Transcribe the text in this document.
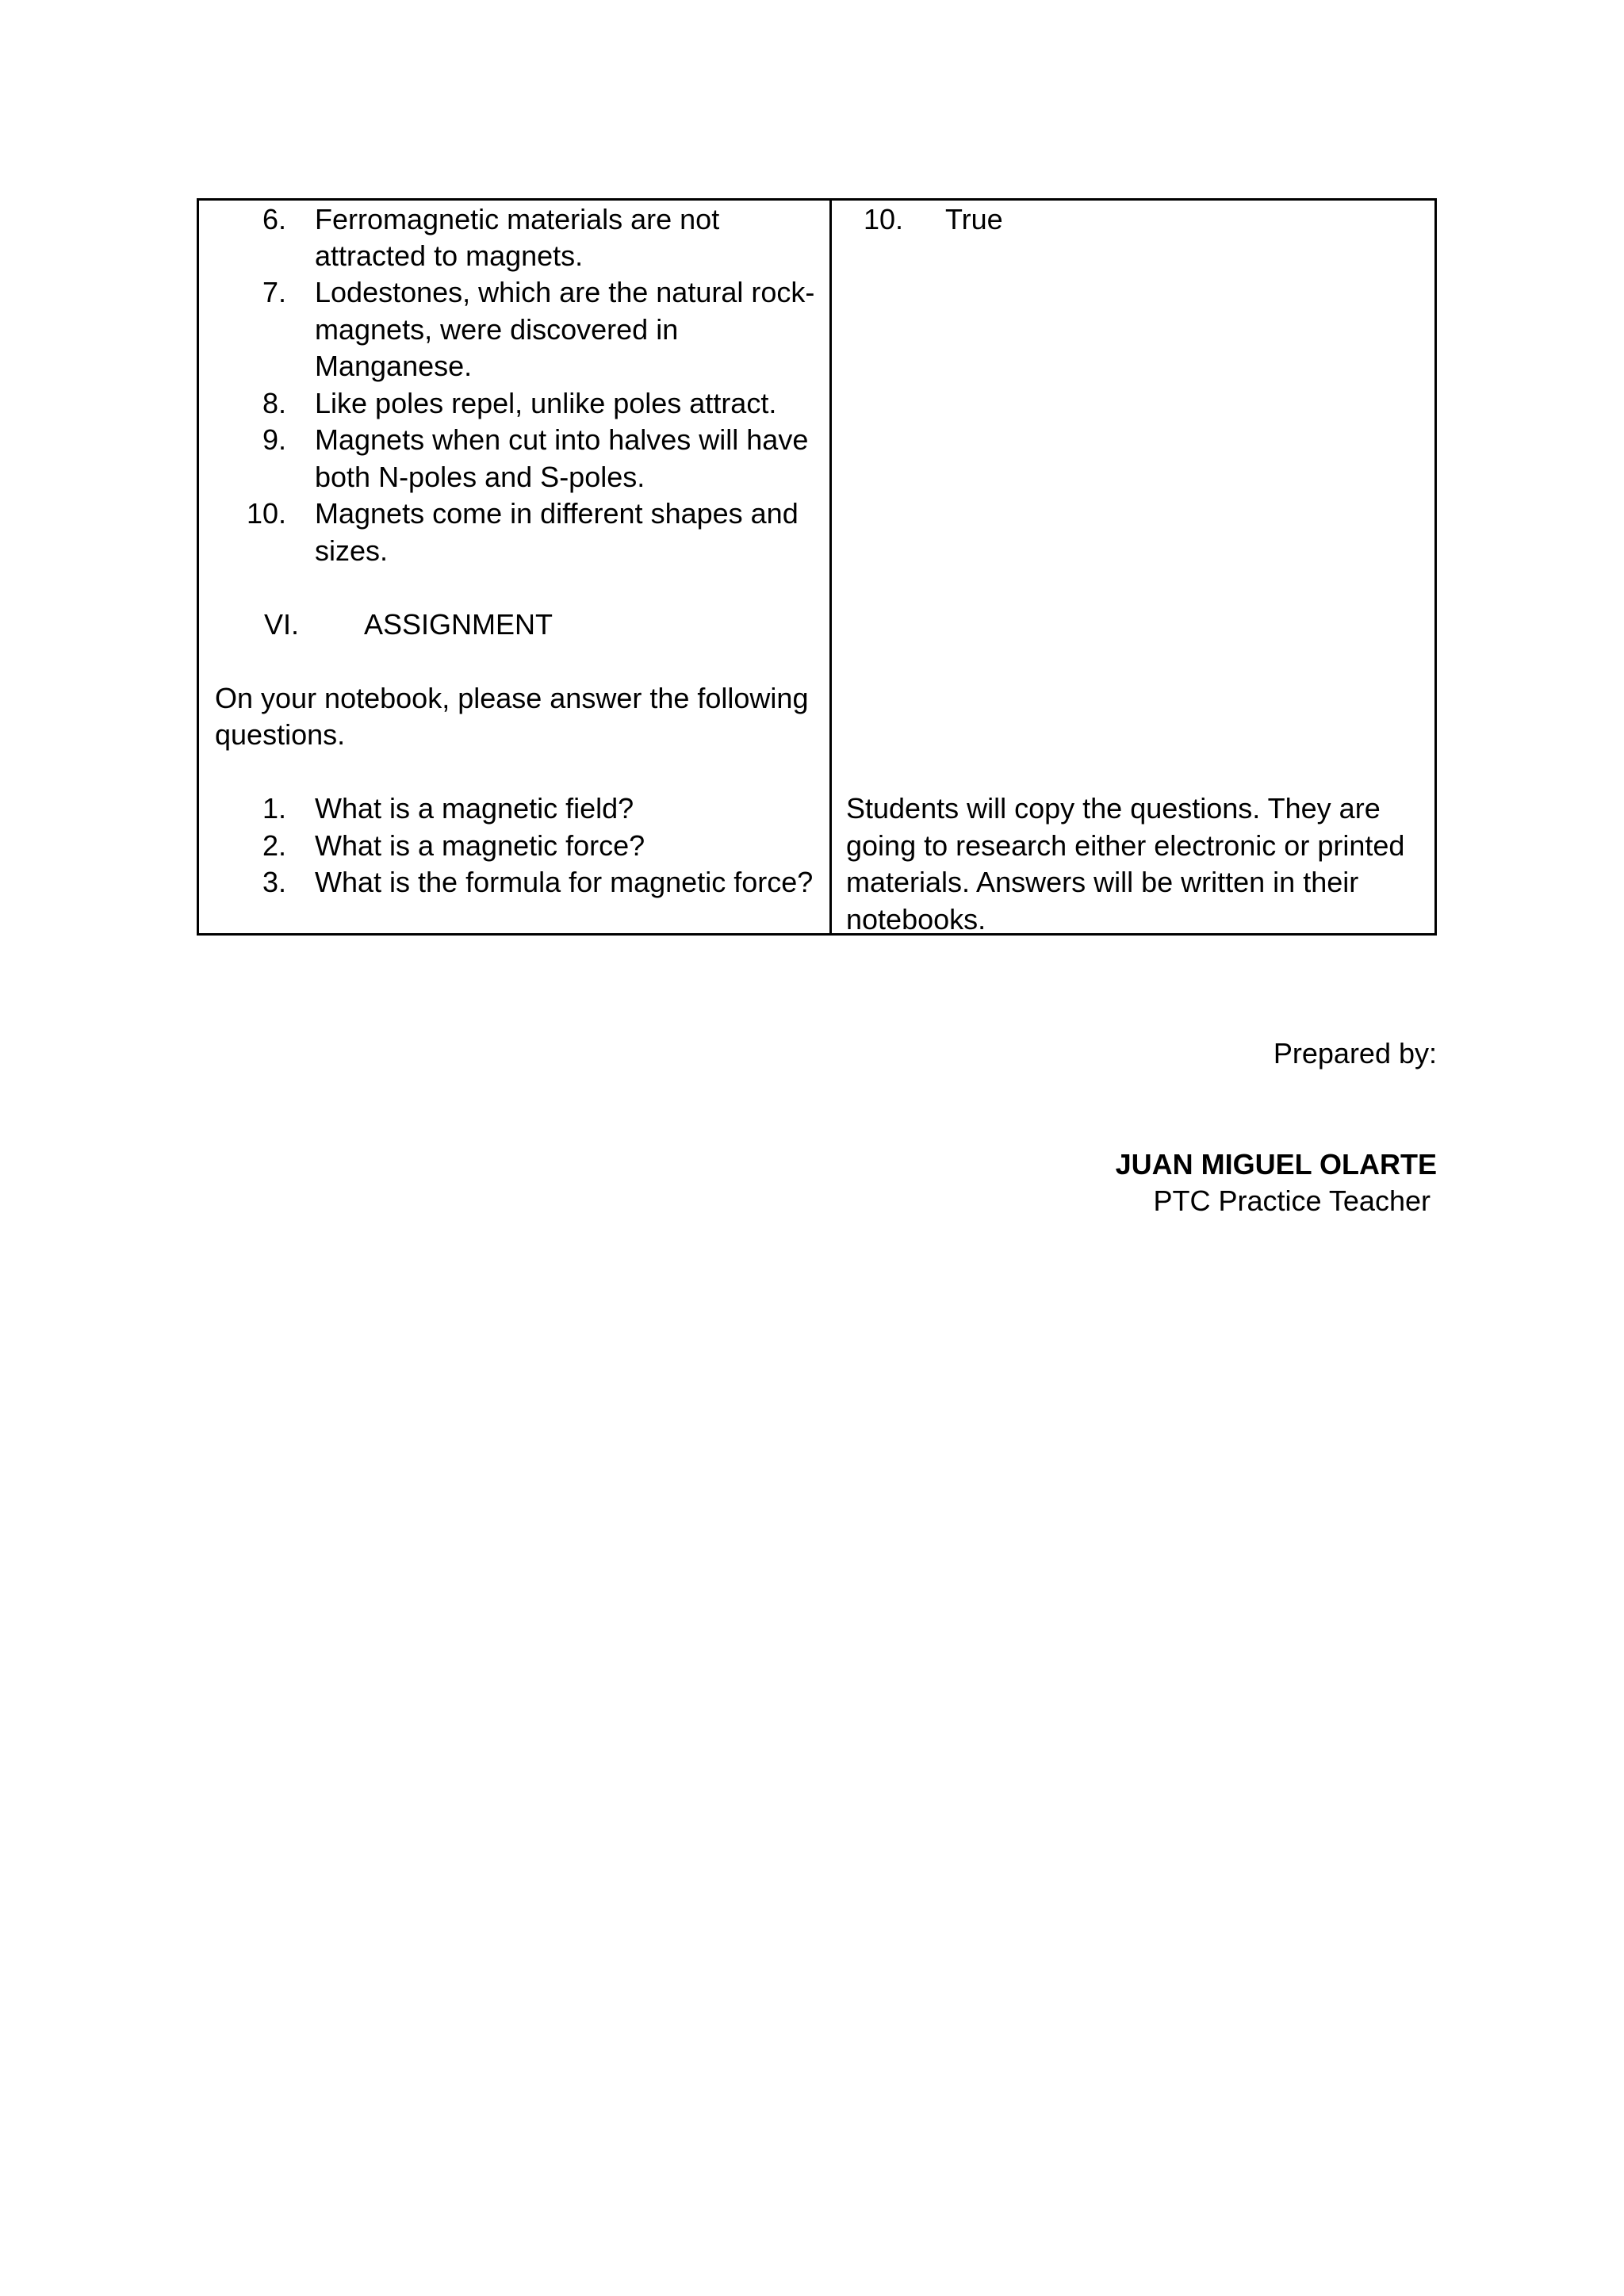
6. Ferromagnetic materials are not
attracted to magnets.
7. Lodestones, which are the natural rock-
magnets, were discovered in
Manganese.
8. Like poles repel, unlike poles attract.
9. Magnets when cut into halves will have
both N-poles and S-poles.
10. Magnets come in different shapes and
sizes.
VI. ASSIGNMENT
On your notebook, please answer the following
questions.
1. What is a magnetic field?
2. What is a magnetic force?
3. What is the formula for magnetic force?
10. True
Students will copy the questions. They are
going to research either electronic or printed
materials. Answers will be written in their
notebooks.
Prepared by:
JUAN MIGUEL OLARTE
PTC Practice Teacher
